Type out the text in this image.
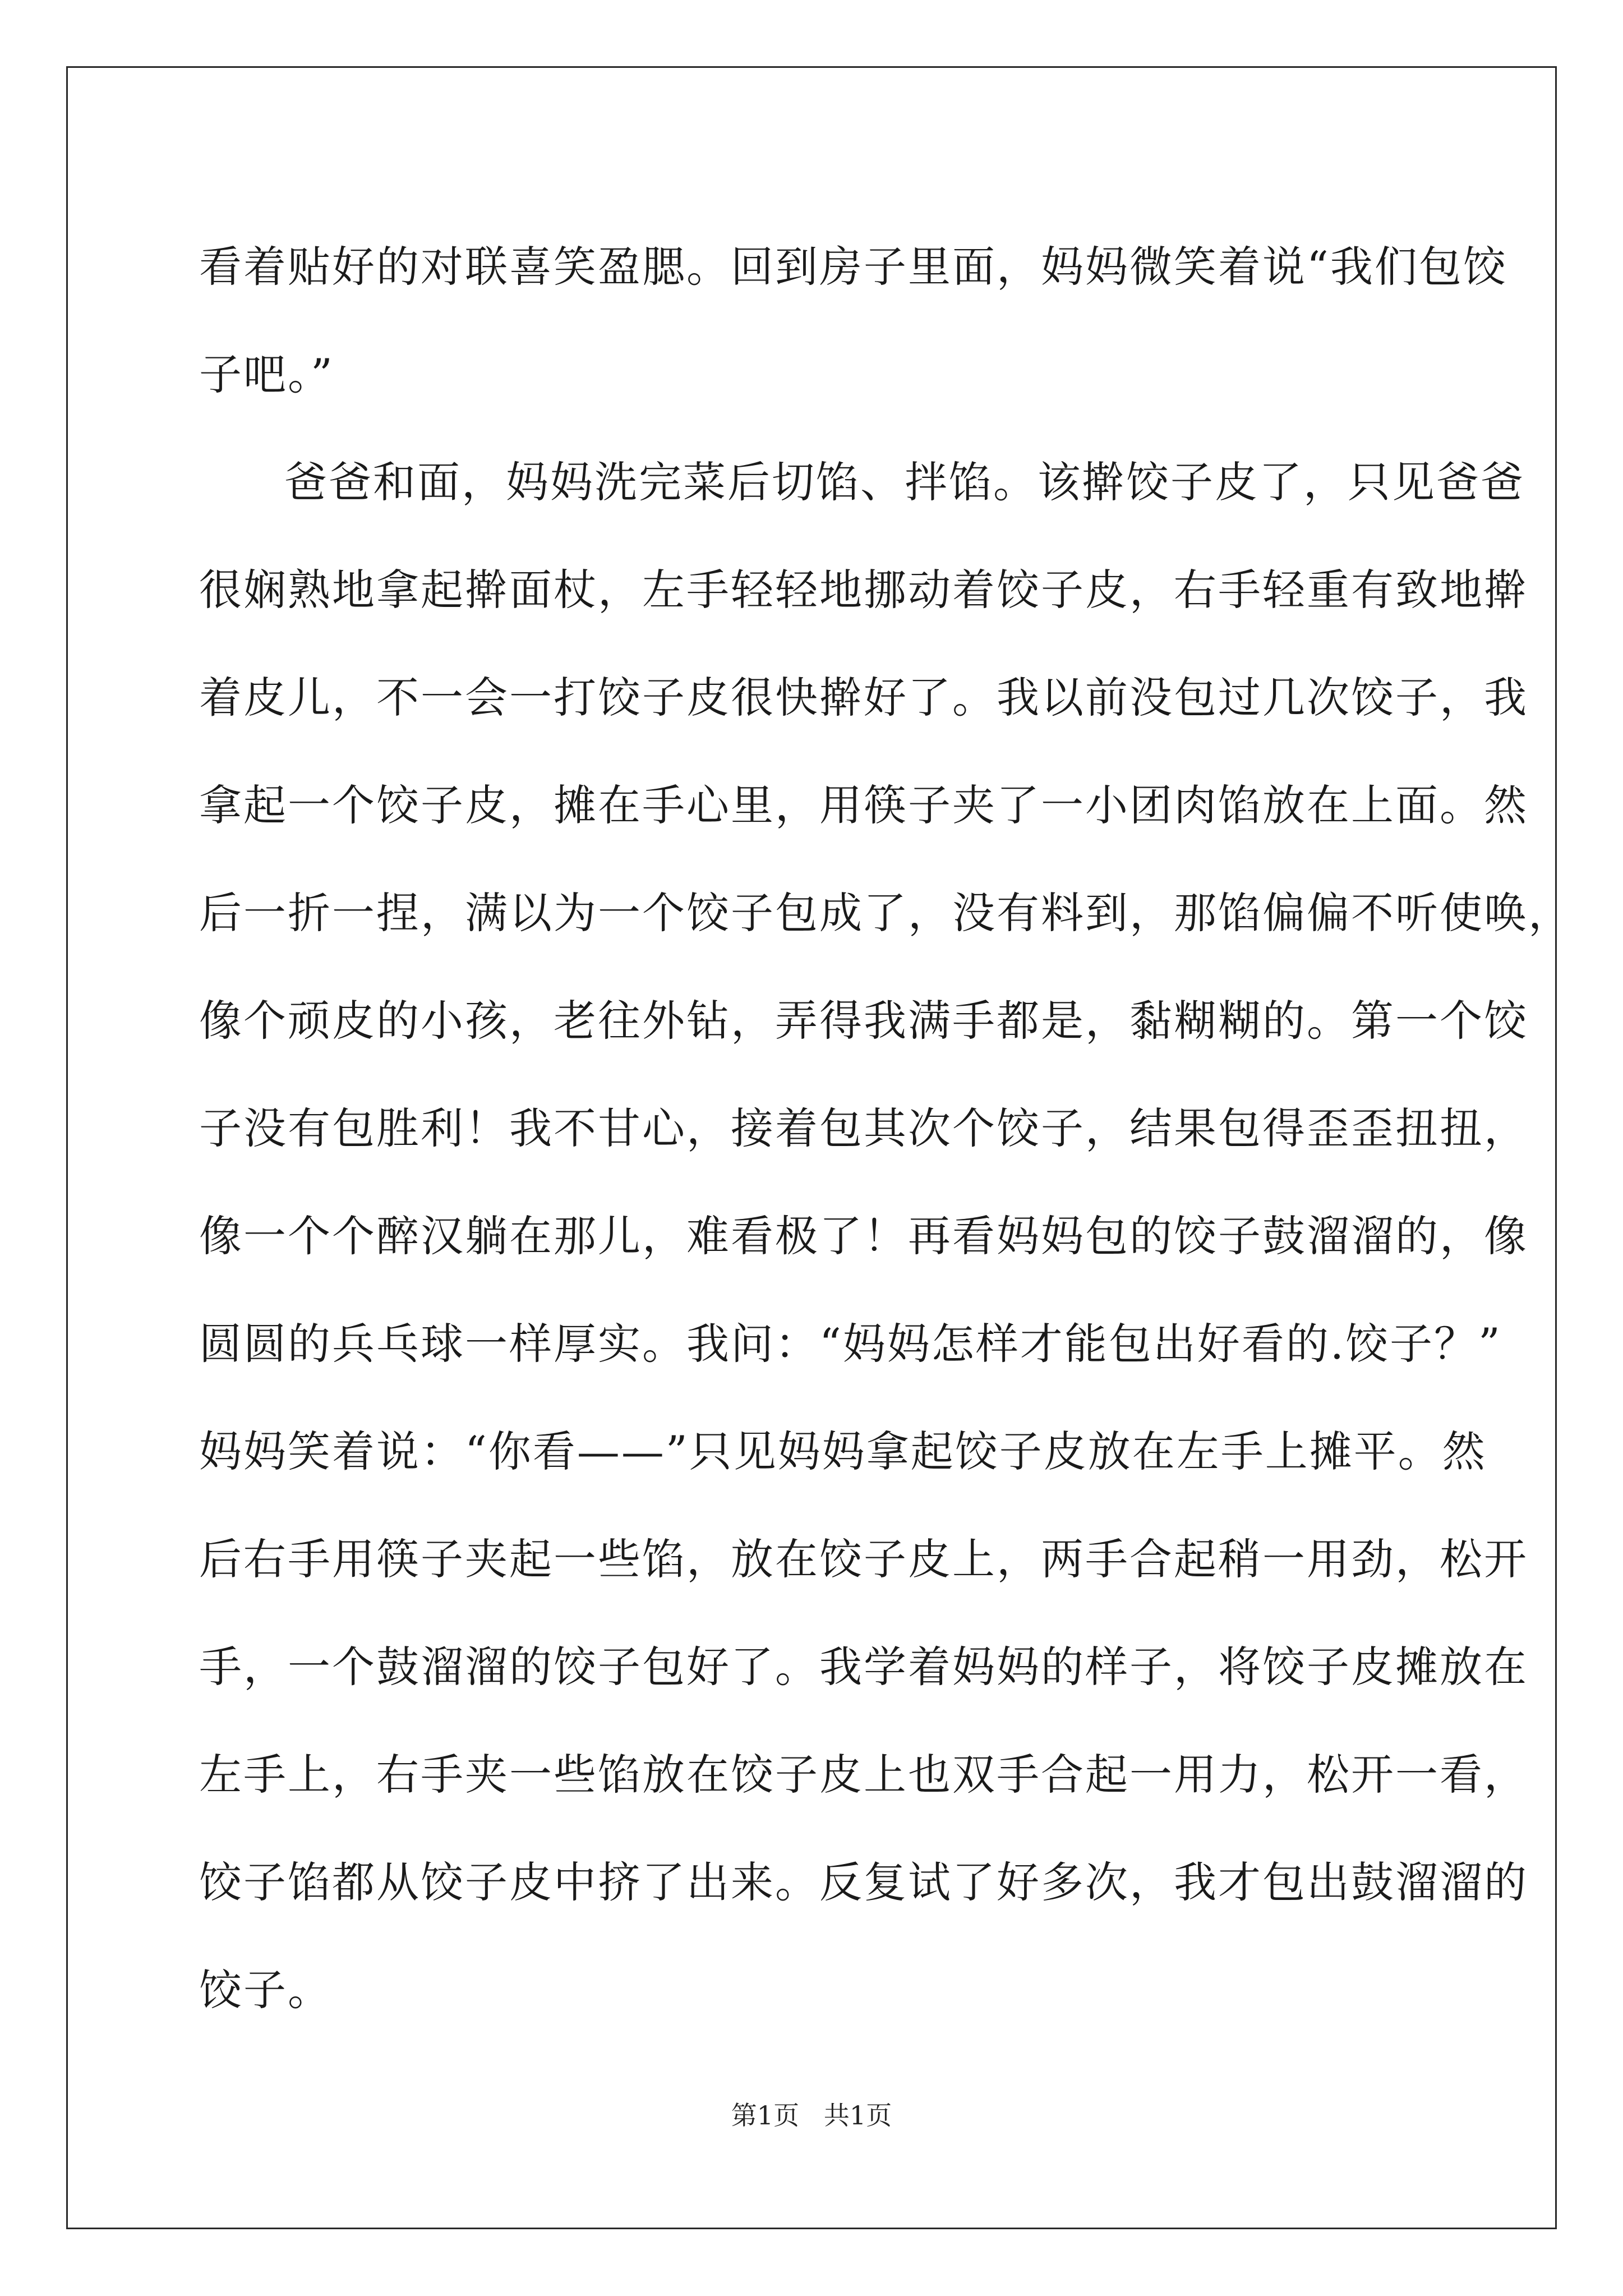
看着贴好的对联喜笑盈腮。回到房子里面，妈妈微笑着说“我们包饺
子吧。”
爸爸和面，妈妈洗完菜后切馅、拌馅。该擀饺子皮了，只见爸爸
很娴熟地拿起擀面杖，左手轻轻地挪动着饺子皮，右手轻重有致地擀
着皮儿，不一会一打饺子皮很快擀好了。我以前没包过几次饺子，我
拿起一个饺子皮，摊在手心里，用筷子夹了一小团肉馅放在上面。然
后一折一捏，满以为一个饺子包成了，没有料到，那馅偏偏不听使唤，
像个顽皮的小孩，老往外钻，弄得我满手都是，黏糊糊的。第一个饺
子没有包胜利！我不甘心，接着包其次个饺子，结果包得歪歪扭扭，
像一个个醉汉躺在那儿，难看极了！再看妈妈包的饺子鼓溜溜的，像
圆圆的兵乓球一样厚实。我问：“妈妈怎样才能包出好看的.饺子？”
妈妈笑着说：“你看——”只见妈妈拿起饺子皮放在左手上摊平。然
后右手用筷子夹起一些馅，放在饺子皮上，两手合起稍一用劲，松开
手，一个鼓溜溜的饺子包好了。我学着妈妈的样子，将饺子皮摊放在
左手上，右手夹一些馅放在饺子皮上也双手合起一用力，松开一看，
饺子馅都从饺子皮中挤了出来。反复试了好多次，我才包出鼓溜溜的
饺子。
第1页   共1页
